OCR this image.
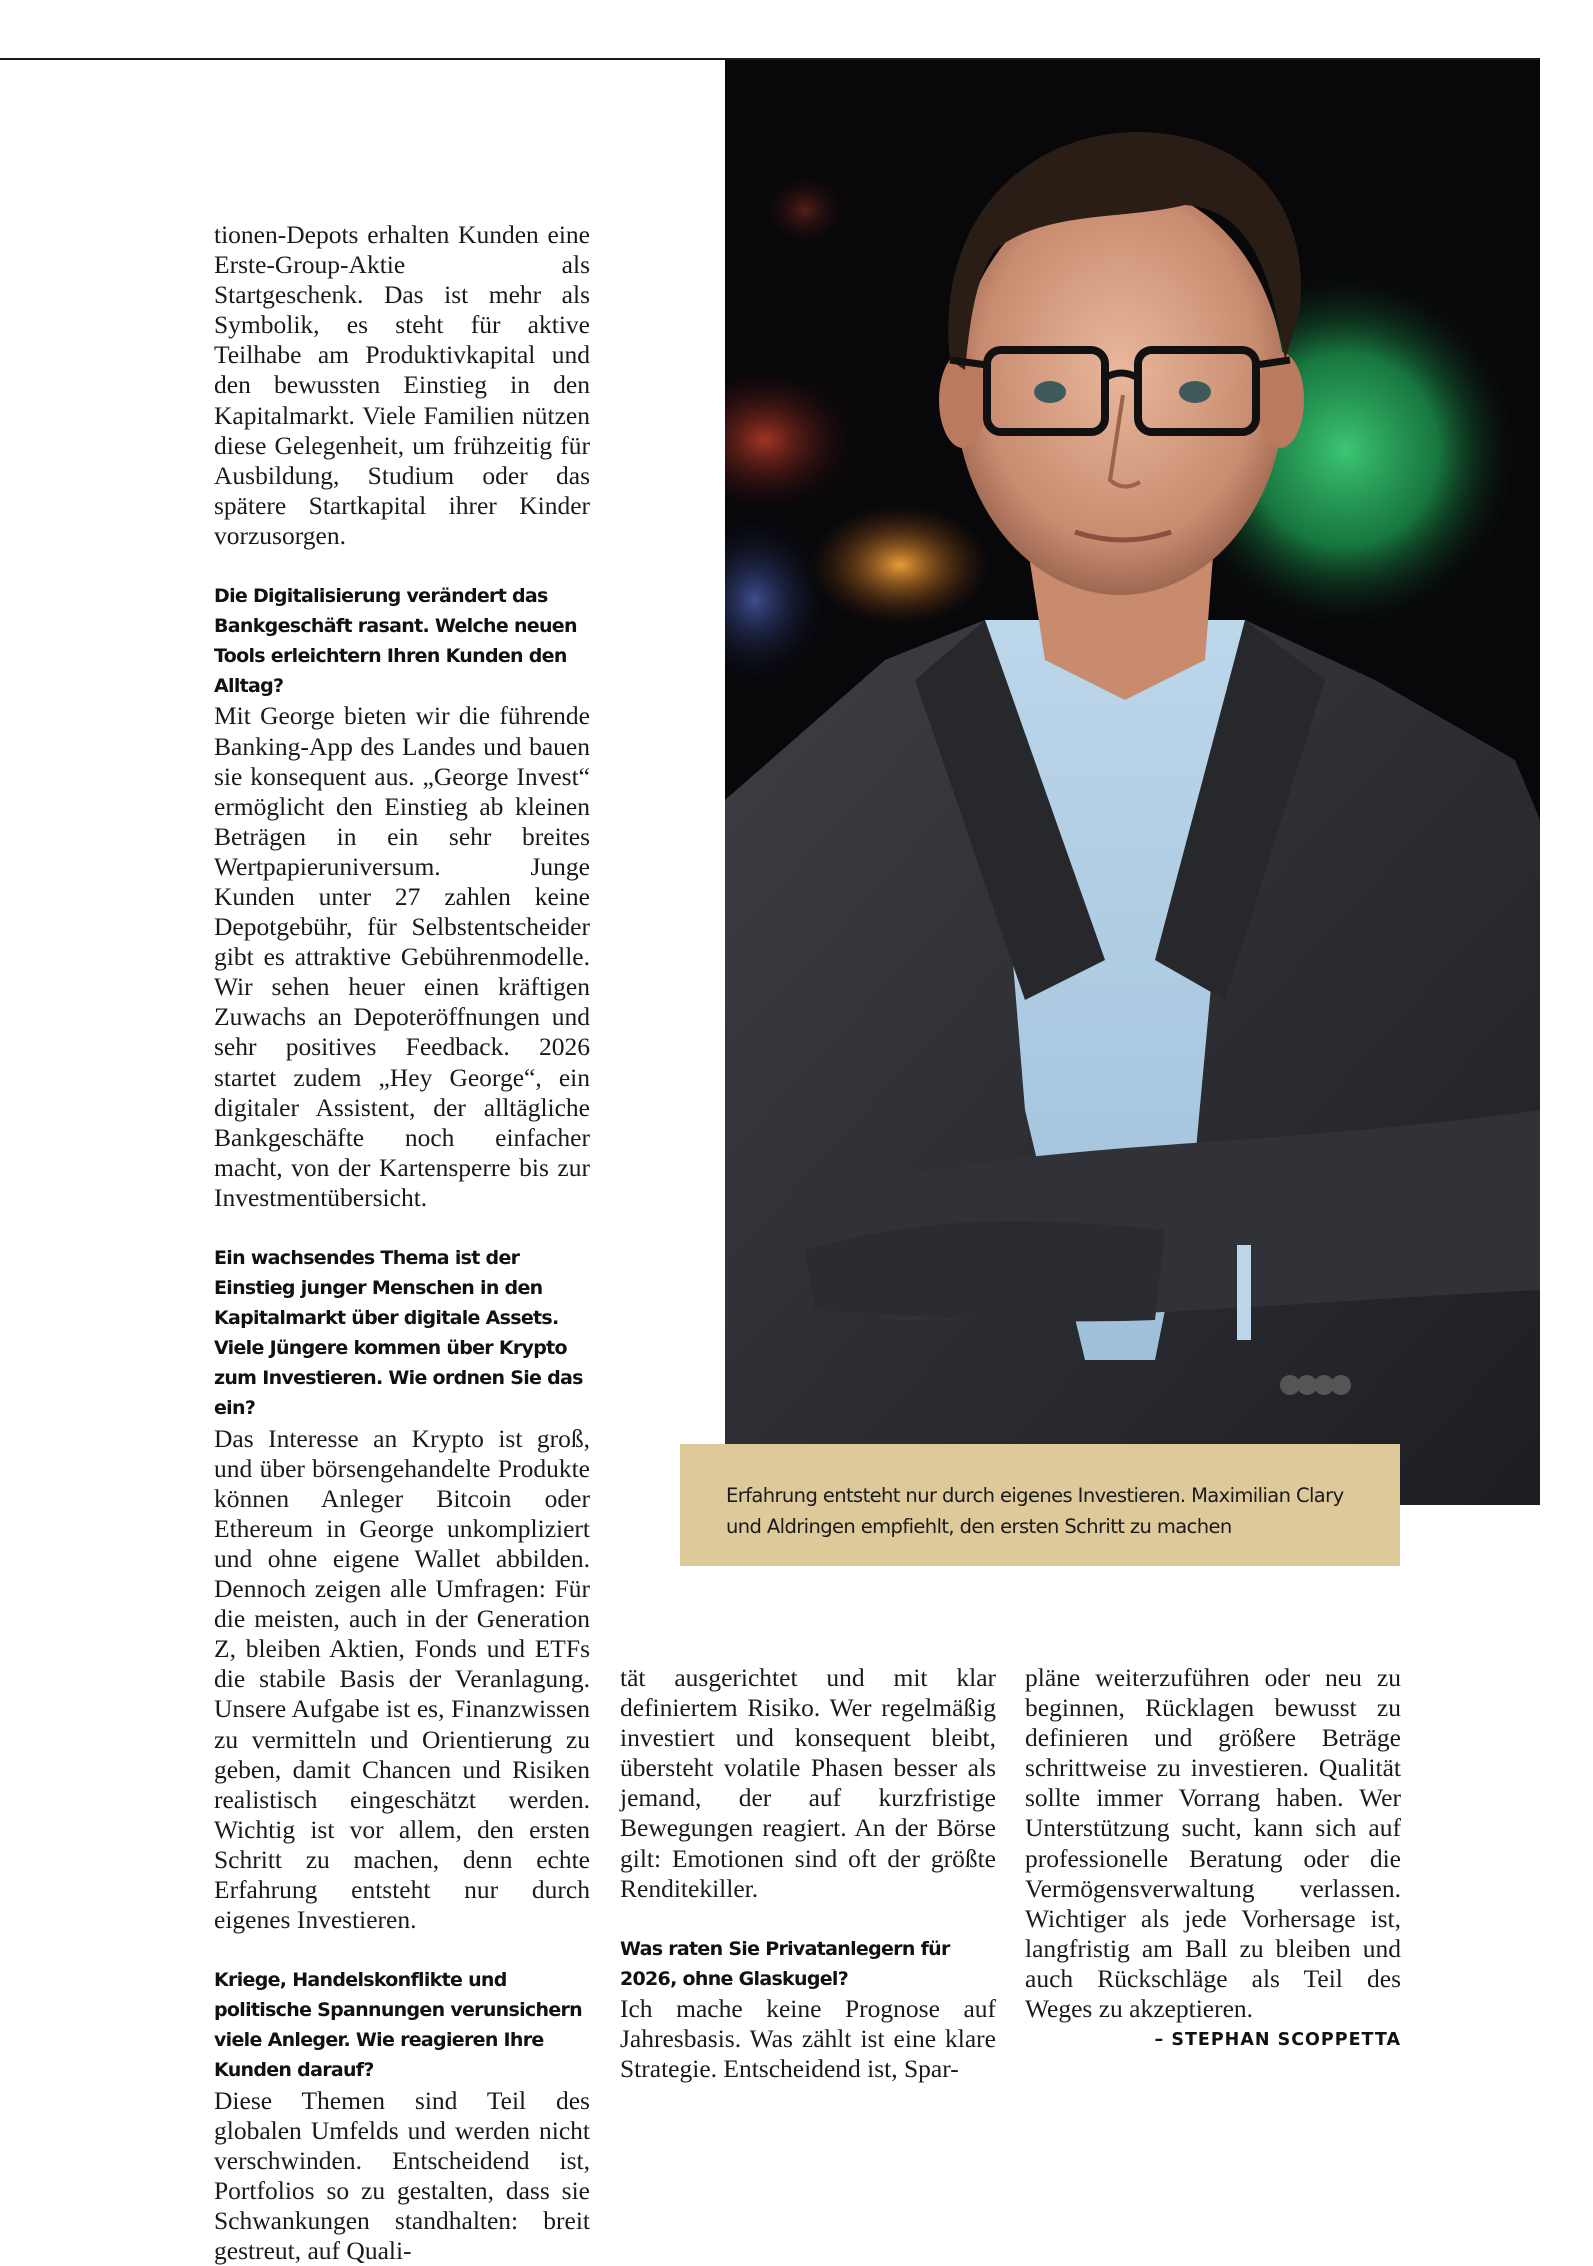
Erfahrung entsteht nur durch eigenes Investieren. Maximilian Clary

und Aldringen empfiehlt, den ersten Schritt zu machen

tionen-Depots erhalten Kunden eine Erste-Group-Aktie als Startgeschenk. Das ist mehr als Symbolik, es steht für aktive Teilhabe am Produktivkapital und den bewussten Einstieg in den Kapitalmarkt. Viele Familien nützen diese Gelegenheit, um frühzeitig für Ausbildung, Studium oder das spätere Startkapital ihrer Kinder vorzusorgen.

Die Digitalisierung verändert das Bankgeschäft rasant. Welche neuen Tools erleichtern Ihren Kunden den Alltag?

Mit George bieten wir die führende Banking-App des Landes und bauen sie konsequent aus. „George Invest“ ermöglicht den Einstieg ab kleinen Beträgen in ein sehr breites Wertpapieruniversum. Junge Kunden unter 27 zahlen keine Depotgebühr, für Selbstentscheider gibt es attraktive Gebührenmodelle. Wir sehen heuer einen kräftigen Zuwachs an Depoteröffnungen und sehr positives Feedback. 2026 startet zudem „Hey George“, ein digitaler Assistent, der alltägliche Bankgeschäfte noch einfacher macht, von der Kartensperre bis zur Investmentübersicht.

Ein wachsendes Thema ist der Einstieg junger Menschen in den Kapitalmarkt über digitale Assets. Viele Jüngere kommen über Krypto zum Investieren. Wie ordnen Sie das ein?

Das Interesse an Krypto ist groß, und über börsengehandelte Produkte können Anleger Bitcoin oder Ethereum in George unkompliziert und ohne eigene Wallet abbilden. Dennoch zeigen alle Umfragen: Für die meisten, auch in der Generation Z, bleiben Aktien, Fonds und ETFs die stabile Basis der Veranlagung. Unsere Aufgabe ist es, Finanzwissen zu vermitteln und Orientierung zu geben, damit Chancen und Risiken realistisch eingeschätzt werden. Wichtig ist vor allem, den ersten Schritt zu machen, denn echte Erfahrung entsteht nur durch eigenes Investieren.

Kriege, Handelskonflikte und politische Spannungen verunsichern viele Anleger. Wie reagieren Ihre Kunden darauf?

Diese Themen sind Teil des globalen Umfelds und werden nicht verschwinden. Entscheidend ist, Portfolios so zu gestalten, dass sie Schwankungen standhalten: breit gestreut, auf Quali-

tät ausgerichtet und mit klar definiertem Risiko. Wer regelmäßig investiert und konsequent bleibt, übersteht volatile Phasen besser als jemand, der auf kurzfristige Bewegungen reagiert. An der Börse gilt: Emotionen sind oft der größte Renditekiller.

Was raten Sie Privatanlegern für 2026, ohne Glaskugel?

Ich mache keine Prognose auf Jahresbasis. Was zählt ist eine klare Strategie. Entscheidend ist, Spar-

pläne weiterzuführen oder neu zu beginnen, Rücklagen bewusst zu definieren und größere Beträge schrittweise zu investieren. Qualität sollte immer Vorrang haben. Wer Unterstützung sucht, kann sich auf professionelle Beratung oder die Vermögensverwaltung verlassen. Wichtiger als jede Vorhersage ist, langfristig am Ball zu bleiben und auch Rückschläge als Teil des Weges zu akzeptieren.

– STEPHAN SCOPPETTA
